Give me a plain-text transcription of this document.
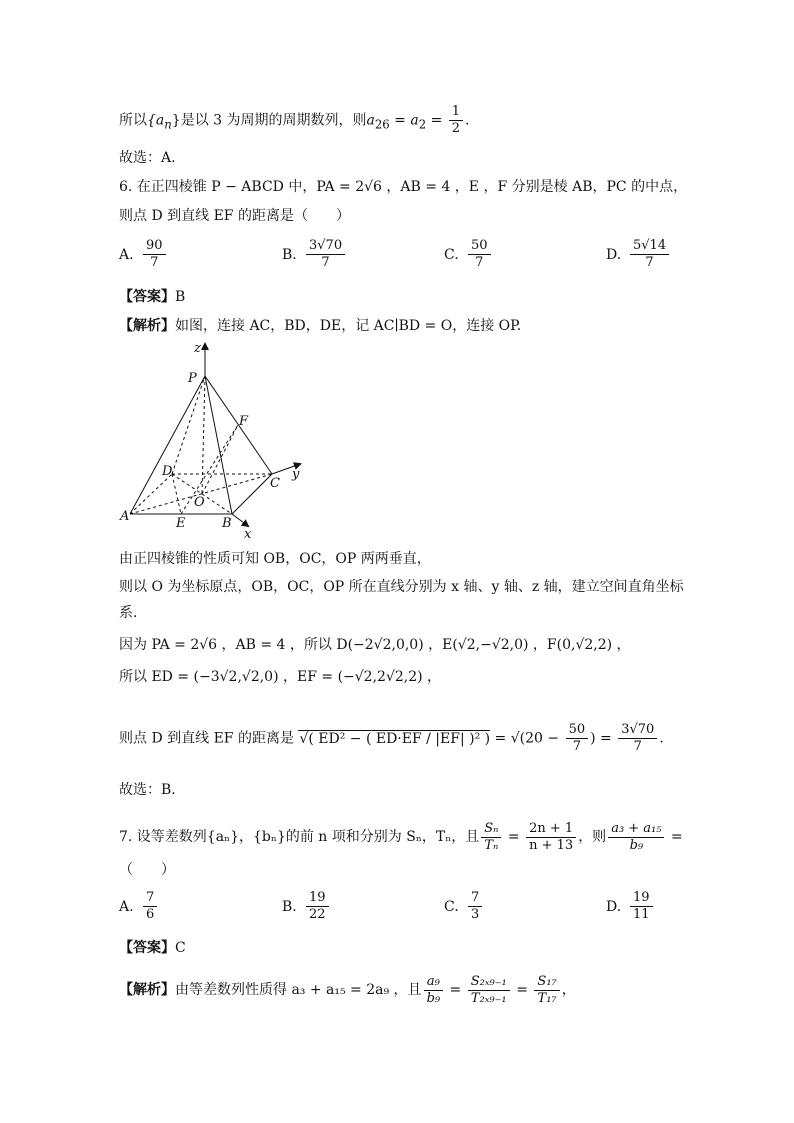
所以$\{a_n\}$是以 3 为周期的周期数列，则$a_{26} = a_2 = \frac{1}{2}$ .
故选：A.
6. 在正四棱锥 P − ABCD 中，PA = 2√6 ，AB = 4 ，E ，F 分别是棱 AB，PC 的中点，
则点 D 到直线 EF 的距离是（　　）
A. $\frac{90}{7}$	B. $\frac{3√70}{7}$	C. $\frac{50}{7}$	D. $\frac{5√14}{7}$
【答案】B
【解析】如图，连接 AC，BD，DE，记 AC∣BD = O，连接 OP.
z
P
F
D
C
y
O
A	E	B
x
由正四棱锥的性质可知 OB，OC，OP 两两垂直，
则以 O 为坐标原点，OB，OC，OP 所在直线分别为 x 轴、y 轴、z 轴，建立空间直角坐标
系.
因为 PA = 2√6 ，AB = 4 ，所以 D(−2√2,0,0) ，E(√2,−√2,0) ，F(0,√2,2) ，
所以 ED = (−3√2,√2,0) ，EF = (−√2,2√2,2) ，
则点 D 到直线 EF 的距离是 √( ED² − ( ED·EF / |EF| )² ) = $√(20 - \frac{50}{7}$ ) = $\frac{3√70}{7}$ .
故选：B.
7. 设等差数列{aₙ}，{bₙ}的前 n 项和分别为 Sₙ，Tₙ，且 $\frac{\text{Sₙ}}{\text{Tₙ}} = \frac{2n + 1}{n + 13}$ ，则 $\frac{\text{a₃ + a₁₅}}{\text{b₉}}$ =
（　　）
A. $\frac{7}{6}$	B. $\frac{19}{22}$	C. $\frac{7}{3}$	D. $\frac{19}{11}$
【答案】C
【解析】由等差数列性质得 a₃ + a₁₅ = 2a₉ ，且 $\frac{\text{a₉}}{\text{b₉}} = \frac{\text{S₂ₓ₉₋₁}}{\text{T₂ₓ₉₋₁}} = \frac{\text{S₁₇}}{\text{T₁₇}}$ ，
